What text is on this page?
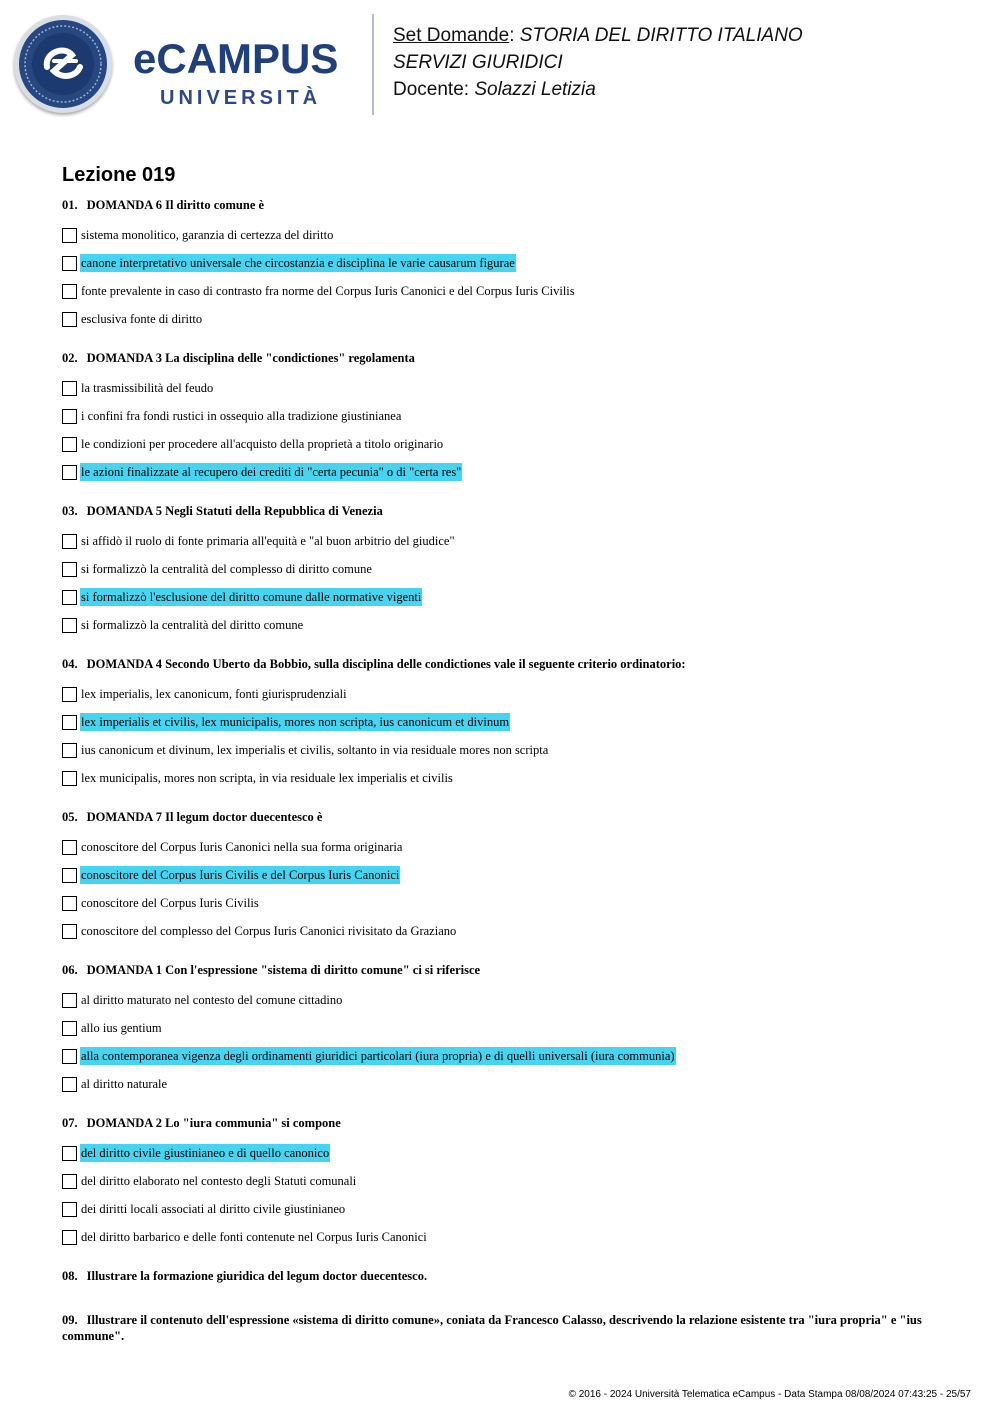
eCAMPUS
UNIVERSITÀ
Set Domande: STORIA DEL DIRITTO ITALIANO
SERVIZI GIURIDICI
Docente: Solazzi Letizia
Lezione 019
01. DOMANDA 6 Il diritto comune è
sistema monolitico, garanzia di certezza del diritto
canone interpretativo universale che circostanzia e disciplina le varie causarum figurae
fonte prevalente in caso di contrasto fra norme del Corpus Iuris Canonici e del Corpus Iuris Civilis
esclusiva fonte di diritto
02. DOMANDA 3 La disciplina delle "condictiones" regolamenta
la trasmissibilità del feudo
i confini fra fondi rustici in ossequio alla tradizione giustinianea
le condizioni per procedere all'acquisto della proprietà a titolo originario
le azioni finalizzate al recupero dei crediti di "certa pecunia" o di "certa res"
03. DOMANDA 5 Negli Statuti della Repubblica di Venezia
si affidò il ruolo di fonte primaria all'equità e "al buon arbitrio del giudice"
si formalizzò la centralità del complesso di diritto comune
si formalizzò l'esclusione del diritto comune dalle normative vigenti
si formalizzò la centralità del diritto comune
04. DOMANDA 4 Secondo Uberto da Bobbio, sulla disciplina delle condictiones vale il seguente criterio ordinatorio:
lex imperialis, lex canonicum, fonti giurisprudenziali
lex imperialis et civilis, lex municipalis, mores non scripta, ius canonicum et divinum
ius canonicum et divinum, lex imperialis et civilis, soltanto in via residuale mores non scripta
lex municipalis, mores non scripta, in via residuale lex imperialis et civilis
05. DOMANDA 7 Il legum doctor duecentesco è
conoscitore del Corpus Iuris Canonici nella sua forma originaria
conoscitore del Corpus Iuris Civilis e del Corpus Iuris Canonici
conoscitore del Corpus Iuris Civilis
conoscitore del complesso del Corpus Iuris Canonici rivisitato da Graziano
06. DOMANDA 1 Con l'espressione "sistema di diritto comune" ci si riferisce
al diritto maturato nel contesto del comune cittadino
allo ius gentium
alla contemporanea vigenza degli ordinamenti giuridici particolari (iura propria) e di quelli universali (iura communia)
al diritto naturale
07. DOMANDA 2 Lo "iura communia" si compone
del diritto civile giustinianeo e di quello canonico
del diritto elaborato nel contesto degli Statuti comunali
dei diritti locali associati al diritto civile giustinianeo
del diritto barbarico e delle fonti contenute nel Corpus Iuris Canonici
08. Illustrare la formazione giuridica del legum doctor duecentesco.
09. Illustrare il contenuto dell'espressione «sistema di diritto comune», coniata da Francesco Calasso, descrivendo la relazione esistente tra "iura propria" e "ius commune".
© 2016 - 2024 Università Telematica eCampus - Data Stampa 08/08/2024 07:43:25 - 25/57
